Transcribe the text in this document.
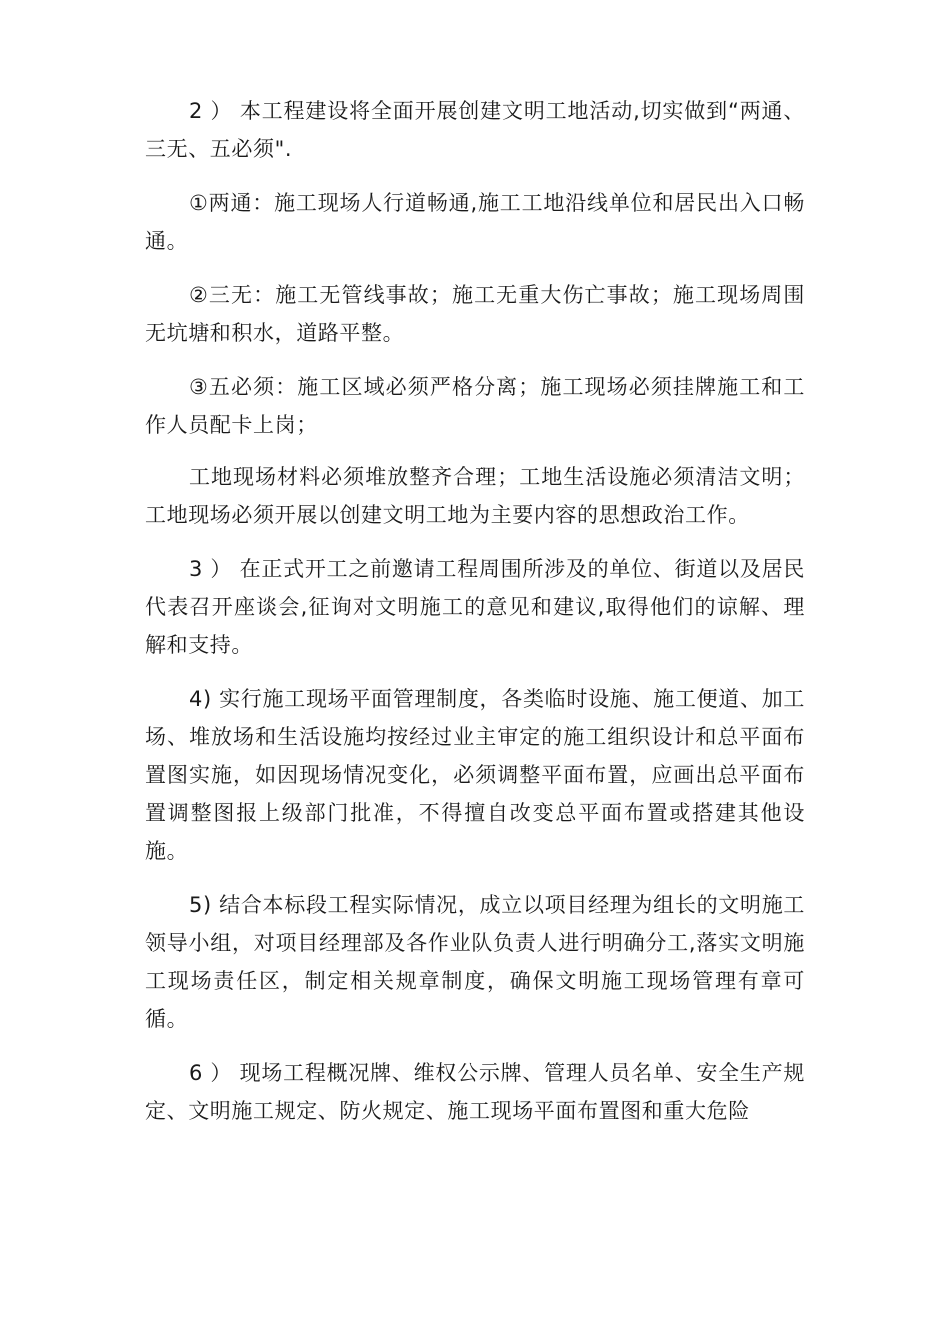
2 ） 本工程建设将全面开展创建文明工地活动,切实做到“两通、三无、五必须".

①两通：施工现场人行道畅通,施工工地沿线单位和居民出入口畅通。

②三无：施工无管线事故；施工无重大伤亡事故；施工现场周围无坑塘和积水，道路平整。

③五必须：施工区域必须严格分离；施工现场必须挂牌施工和工作人员配卡上岗；

工地现场材料必须堆放整齐合理；工地生活设施必须清洁文明；工地现场必须开展以创建文明工地为主要内容的思想政治工作。

3 ） 在正式开工之前邀请工程周围所涉及的单位、街道以及居民代表召开座谈会,征询对文明施工的意见和建议,取得他们的谅解、理解和支持。

4) 实行施工现场平面管理制度，各类临时设施、施工便道、加工场、堆放场和生活设施均按经过业主审定的施工组织设计和总平面布置图实施，如因现场情况变化，必须调整平面布置，应画出总平面布置调整图报上级部门批准，不得擅自改变总平面布置或搭建其他设施。

5) 结合本标段工程实际情况，成立以项目经理为组长的文明施工领导小组，对项目经理部及各作业队负责人进行明确分工,落实文明施工现场责任区，制定相关规章制度，确保文明施工现场管理有章可循。

6 ） 现场工程概况牌、维权公示牌、管理人员名单、安全生产规定、文明施工规定、防火规定、施工现场平面布置图和重大危险
